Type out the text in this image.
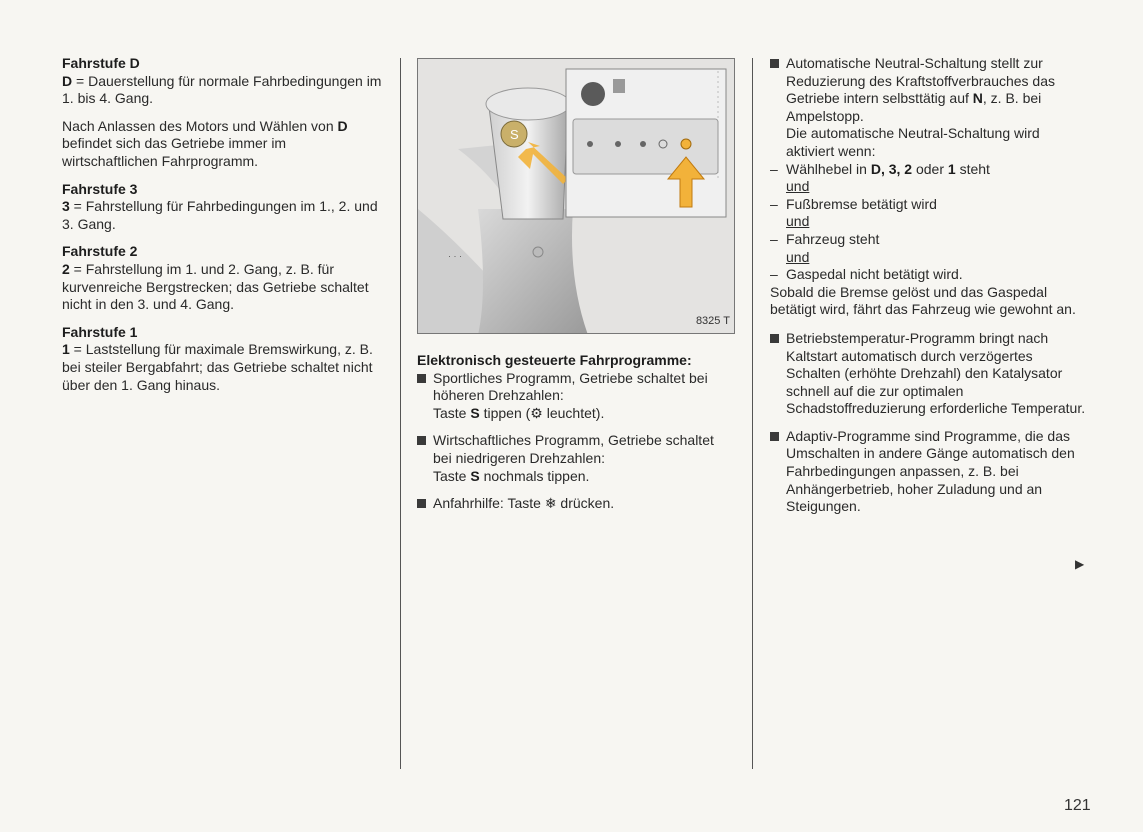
Fahrstufe D

D = Dauerstellung für normale Fahrbedingungen im 1. bis 4. Gang.

Nach Anlassen des Motors und Wählen von D befindet sich das Getriebe immer im wirtschaftlichen Fahrprogramm.

Fahrstufe 3

3 = Fahrstellung für Fahrbedingungen im 1., 2. und 3. Gang.

Fahrstufe 2

2 = Fahrstellung im 1. und 2. Gang, z. B. für kurvenreiche Bergstrecken; das Getriebe schaltet nicht in den 3. und 4. Gang.

Fahrstufe 1

1 = Laststellung für maximale Bremswirkung, z. B. bei steiler Bergabfahrt; das Getriebe schaltet nicht über den 1. Gang hinaus.

S
· · ·
8325 T

Elektronisch gesteuerte Fahrprogramme:

Sportliches Programm, Getriebe schaltet bei höheren Drehzahlen:
Taste S tippen (⚙ leuchtet).
Wirtschaftliches Programm, Getriebe schaltet bei niedrigeren Drehzahlen:
Taste S nochmals tippen.
Anfahrhilfe: Taste ❄ drücken.
Automatische Neutral-Schaltung stellt zur Reduzierung des Kraftstoffverbrauches das Getriebe intern selbsttätig auf N, z. B. bei Ampelstopp.
Die automatische Neutral-Schaltung wird aktiviert wenn:
– Wählhebel in D, 3, 2 oder 1 steht
und
– Fußbremse betätigt wird
und
– Fahrzeug steht
und
– Gaspedal nicht betätigt wird.
Sobald die Bremse gelöst und das Gaspedal betätigt wird, fährt das Fahrzeug wie gewohnt an.
Betriebstemperatur-Programm bringt nach Kaltstart automatisch durch verzögertes Schalten (erhöhte Drehzahl) den Katalysator schnell auf die zur optimalen Schadstoffreduzierung erforderliche Temperatur.
Adaptiv-Programme sind Programme, die das Umschalten in andere Gänge automatisch den Fahrbedingungen anpassen, z. B. bei Anhängerbetrieb, hoher Zuladung und an Steigungen.
▶
121
